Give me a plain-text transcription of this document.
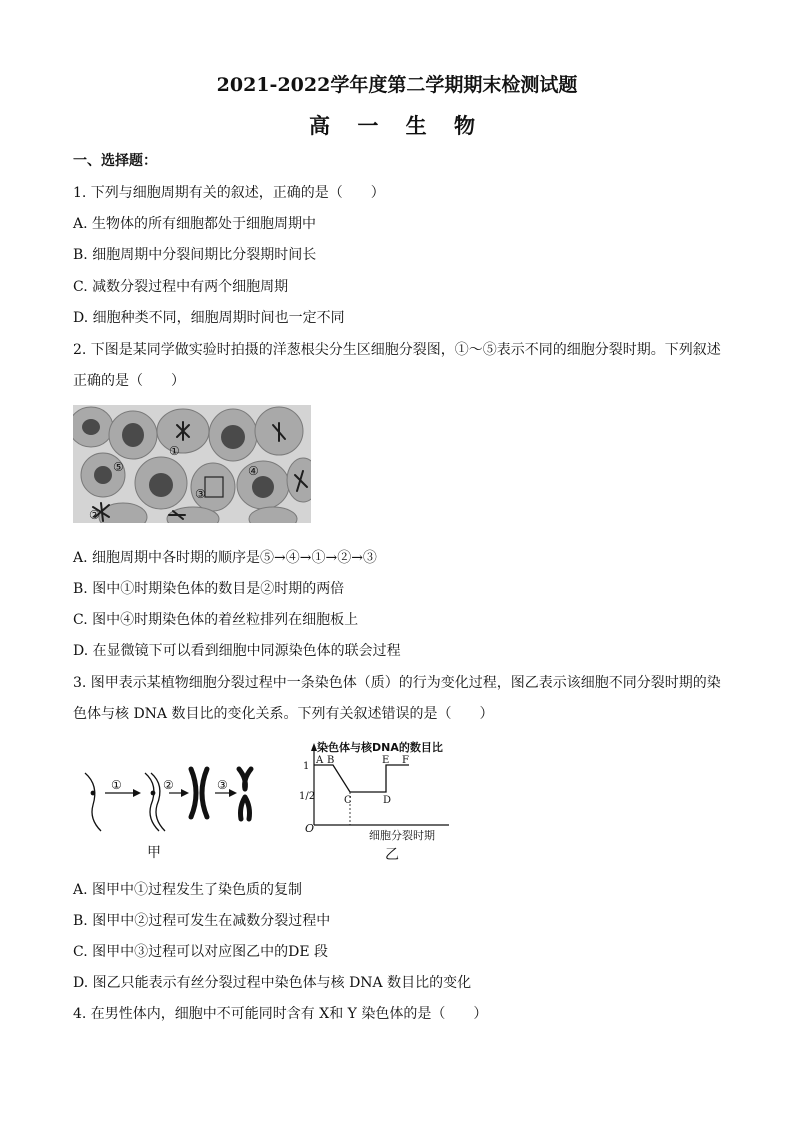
2021-2022学年度第二学期期末检测试题
高 一 生 物
一、选择题：
1. 下列与细胞周期有关的叙述，正确的是（　　）
A. 生物体的所有细胞都处于细胞周期中
B. 细胞周期中分裂间期比分裂期时间长
C. 减数分裂过程中有两个细胞周期
D. 细胞种类不同，细胞周期时间也一定不同
2. 下图是某同学做实验时拍摄的洋葱根尖分生区细胞分裂图，①～⑤表示不同的细胞分裂时期。下列叙述
正确的是（　　）
①
②
③
④
⑤
A. 细胞周期中各时期的顺序是⑤→④→①→②→③
B. 图中①时期染色体的数目是②时期的两倍
C. 图中④时期染色体的着丝粒排列在细胞板上
D. 在显微镜下可以看到细胞中同源染色体的联会过程
3. 图甲表示某植物细胞分裂过程中一条染色体（质）的行为变化过程，图乙表示该细胞不同分裂时期的染
色体与核 DNA 数目比的变化关系。下列有关叙述错误的是（　　）
①	②	③
甲
染色体与核DNA的数目比
O
1
1/2
A B
C	D
E F
细胞分裂时期
乙
A. 图甲中①过程发生了染色质的复制
B. 图甲中②过程可发生在减数分裂过程中
C. 图甲中③过程可以对应图乙中的DE 段
D. 图乙只能表示有丝分裂过程中染色体与核 DNA 数目比的变化
4. 在男性体内，细胞中不可能同时含有 X和 Y 染色体的是（　　）
